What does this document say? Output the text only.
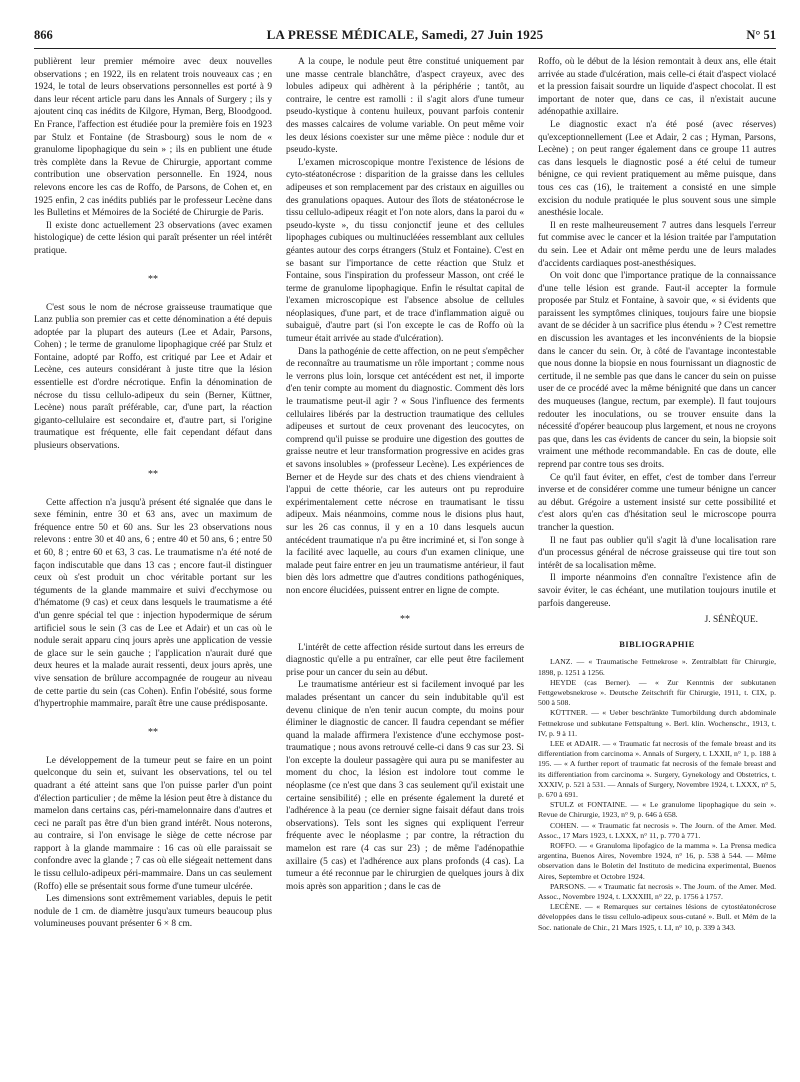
866	LA PRESSE MÉDICALE, Samedi, 27 Juin 1925	N° 51

publièrent leur premier mémoire avec deux nouvelles observations ; en 1922, ils en relatent trois nouveaux cas ; en 1924, le total de leurs observations personnelles est porté à 9 dans leur récent article paru dans les Annals of Surgery ; ils y ajoutent cinq cas inédits de Kilgore, Hyman, Berg, Bloodgood. En France, l'affection est étudiée pour la première fois en 1923 par Stulz et Fontaine (de Strasbourg) sous le nom de « granulome lipophagique du sein » ; ils en publient une étude très complète dans la Revue de Chirurgie, apportant comme contribution une observation personnelle. En 1924, nous relevons encore les cas de Roffo, de Parsons, de Cohen et, en 1925 enfin, 2 cas inédits publiés par le professeur Lecène dans les Bulletins et Mémoires de la Société de Chirurgie de Paris.

Il existe donc actuellement 23 observations (avec examen histologique) de cette lésion qui paraît présenter un réel intérêt pratique.

**

C'est sous le nom de nécrose graisseuse traumatique que Lanz publia son premier cas et cette dénomination a été depuis adoptée par la plupart des auteurs (Lee et Adair, Parsons, Cohen) ; le terme de granulome lipophagique créé par Stulz et Fontaine, adopté par Roffo, est critiqué par Lee et Adair et Lecène, ces auteurs considérant à juste titre que la lésion essentielle est d'ordre nécrotique. Enfin la dénomination de nécrose du tissu cellulo-adipeux du sein (Berner, Küttner, Lecène) nous paraît préférable, car, d'une part, la réaction giganto-cellulaire est secondaire et, d'autre part, si l'origine traumatique est fréquente, elle fait cependant défaut dans plusieurs observations.

**

Cette affection n'a jusqu'à présent été signalée que dans le sexe féminin, entre 30 et 63 ans, avec un maximum de fréquence entre 50 et 60 ans. Sur les 23 observations nous relevons : entre 30 et 40 ans, 6 ; entre 40 et 50 ans, 6 ; entre 50 et 60, 8 ; entre 60 et 63, 3 cas. Le traumatisme n'a été noté de façon indiscutable que dans 13 cas ; encore faut-il distinguer ceux où s'est produit un choc véritable portant sur les téguments de la glande mammaire et suivi d'ecchymose ou d'hématome (9 cas) et ceux dans lesquels le traumatisme a été d'un genre spécial tel que : injection hypodermique de sérum artificiel sous le sein (3 cas de Lee et Adair) et un cas où le nodule serait apparu cinq jours après une application de vessie de glace sur le sein gauche ; l'application n'aurait duré que deux heures et la malade aurait ressenti, deux jours après, une vive sensation de brûlure accompagnée de rougeur au niveau de cette partie du sein (cas Cohen). Enfin l'obésité, sous forme d'hypertrophie mammaire, paraît être une cause prédisposante.

**

Le développement de la tumeur peut se faire en un point quelconque du sein et, suivant les observations, tel ou tel quadrant a été atteint sans que l'on puisse parler d'un point d'élection particulier ; de même la lésion peut être à distance du mamelon dans certains cas, péri-mamelonnaire dans d'autres et ceci ne paraît pas être d'un bien grand intérêt. Nous noterons, au contraire, si l'on envisage le siège de cette nécrose par rapport à la glande mammaire : 16 cas où elle paraissait se confondre avec la glande ; 7 cas où elle siégeait nettement dans le tissu cellulo-adipeux péri-mammaire. Dans un cas seulement (Roffo) elle se présentait sous forme d'une tumeur ulcérée.

Les dimensions sont extrêmement variables, depuis le petit nodule de 1 cm. de diamètre jusqu'aux tumeurs beaucoup plus volumineuses pouvant présenter 6 × 8 cm.

A la coupe, le nodule peut être constitué uniquement par une masse centrale blanchâtre, d'aspect crayeux, avec des lobules adipeux qui adhèrent à la périphérie ; tantôt, au contraire, le centre est ramolli : il s'agit alors d'une tumeur pseudo-kystique à contenu huileux, pouvant parfois contenir des masses calcaires de volume variable. On peut même voir les deux lésions coexister sur une même pièce : nodule dur et pseudo-kyste.

L'examen microscopique montre l'existence de lésions de cyto-stéatonécrose : disparition de la graisse dans les cellules adipeuses et son remplacement par des cristaux en aiguilles ou des granulations opaques. Autour des îlots de stéatonécrose le tissu cellulo-adipeux réagit et l'on note alors, dans la paroi du « pseudo-kyste », du tissu conjonctif jeune et des cellules lipophages cubiques ou multinucléées ressemblant aux cellules géantes autour des corps étrangers (Stulz et Fontaine). C'est en se basant sur l'importance de cette réaction que Stulz et Fontaine, sous l'inspiration du professeur Masson, ont créé le terme de granulome lipophagique. Enfin le résultat capital de l'examen microscopique est l'absence absolue de cellules néoplasiques, d'une part, et de trace d'inflammation aiguë ou subaiguë, d'autre part (si l'on excepte le cas de Roffo où la tumeur était arrivée au stade d'ulcération).

Dans la pathogénie de cette affection, on ne peut s'empêcher de reconnaître au traumatisme un rôle important ; comme nous le verrons plus loin, lorsque cet antécédent est net, il importe d'en tenir compte au moment du diagnostic. Comment dès lors le traumatisme peut-il agir ? « Sous l'influence des ferments cellulaires libérés par la destruction traumatique des cellules adipeuses et surtout de ceux provenant des leucocytes, on comprend qu'il puisse se produire une digestion des gouttes de graisse neutre et leur transformation progressive en acides gras et savons insolubles » (professeur Lecène). Les expériences de Berner et de Heyde sur des chats et des chiens viendraient à l'appui de cette théorie, car les auteurs ont pu reproduire expérimentalement cette nécrose en traumatisant le tissu adipeux. Mais néanmoins, comme nous le disions plus haut, sur les 26 cas connus, il y en a 10 dans lesquels aucun antécédent traumatique n'a pu être incriminé et, si l'on songe à la facilité avec laquelle, au cours d'un examen clinique, une malade peut faire entrer en jeu un traumatisme antérieur, il faut bien dès lors admettre que d'autres conditions pathogéniques, non encore élucidées, puissent entrer en ligne de compte.

**

L'intérêt de cette affection réside surtout dans les erreurs de diagnostic qu'elle a pu entraîner, car elle peut être facilement prise pour un cancer du sein au début.

Le traumatisme antérieur est si facilement invoqué par les malades présentant un cancer du sein indubitable qu'il est devenu clinique de n'en tenir aucun compte, du moins pour éliminer le diagnostic de cancer. Il faudra cependant se méfier quand la malade affirmera l'existence d'une ecchymose post-traumatique ; nous avons retrouvé celle-ci dans 9 cas sur 23. Si l'on excepte la douleur passagère qui aura pu se manifester au moment du choc, la lésion est indolore tout comme le néoplasme (ce n'est que dans 3 cas seulement qu'il existait une certaine sensibilité) ; elle en présente également la dureté et l'adhérence à la peau (ce dernier signe faisait défaut dans trois observations). Tels sont les signes qui expliquent l'erreur fréquente avec le néoplasme ; par contre, la rétraction du mamelon est rare (4 cas sur 23) ; de même l'adénopathie axillaire (5 cas) et l'adhérence aux plans profonds (4 cas). La tumeur a été reconnue par le chirurgien de quelques jours à dix mois après son apparition ; dans le cas de

Roffo, où le début de la lésion remontait à deux ans, elle était arrivée au stade d'ulcération, mais celle-ci était d'aspect violacé et la pression faisait sourdre un liquide d'aspect chocolat. Il est important de noter que, dans ce cas, il n'existait aucune adénopathie axillaire.

Le diagnostic exact n'a été posé (avec réserves) qu'exceptionnellement (Lee et Adair, 2 cas ; Hyman, Parsons, Lecène) ; on peut ranger également dans ce groupe 11 autres cas dans lesquels le diagnostic posé a été celui de tumeur bénigne, ce qui revient pratiquement au même puisque, dans tous ces cas (16), le traitement a consisté en une simple excision du nodule pratiquée le plus souvent sous une simple anesthésie locale.

Il en reste malheureusement 7 autres dans lesquels l'erreur fut commise avec le cancer et la lésion traitée par l'amputation du sein. Lee et Adair ont même perdu une de leurs malades d'accidents cardiaques post-anesthésiques.

On voit donc que l'importance pratique de la connaissance d'une telle lésion est grande. Faut-il accepter la formule proposée par Stulz et Fontaine, à savoir que, « si évidents que paraissent les symptômes cliniques, toujours faire une biopsie avant de se décider à un sacrifice plus étendu » ? C'est remettre en discussion les avantages et les inconvénients de la biopsie dans le cancer du sein. Or, à côté de l'avantage incontestable que nous donne la biopsie en nous fournissant un diagnostic de certitude, il ne semble pas que dans le cancer du sein on puisse user de ce procédé avec la même bénignité que dans un cancer des muqueuses (langue, rectum, par exemple). Il faut toujours redouter les inoculations, ou se trouver ensuite dans la nécessité d'opérer beaucoup plus largement, et nous ne croyons pas que, dans les cas évidents de cancer du sein, la biopsie soit vraiment une méthode recommandable. En cas de doute, elle reprend par contre tous ses droits.

Ce qu'il faut éviter, en effet, c'est de tomber dans l'erreur inverse et de considérer comme une tumeur bénigne un cancer au début. Grégoire a ustement insisté sur cette possibilité et c'est alors qu'en cas d'hésitation seul le microscope pourra trancher la question.

Il ne faut pas oublier qu'il s'agit là d'une localisation rare d'un processus général de nécrose graisseuse qui tire tout son intérêt de sa localisation même.

Il importe néanmoins d'en connaître l'existence afin de savoir éviter, le cas échéant, une mutilation toujours inutile et parfois dangereuse.

J. SÉNÈQUE.
BIBLIOGRAPHIE

LANZ. — « Traumatische Fettnekrose ». Zentralblatt für Chirurgie, 1898, p. 1251 à 1256.

HEYDE (cas Berner). — « Zur Kenntnis der subkutanen Fettgewebsnekrose ». Deutsche Zeitschrift für Chirurgie, 1911, t. CIX, p. 500 à 508.

KÜTTNER. — « Ueber beschränkte Tumorbildung durch abdominale Fettnekrose und subkutane Fettspaltung ». Berl. klin. Wochenschr., 1913, t. IV, p. 9 à 11.

LEE et ADAIR. — « Traumatic fat necrosis of the female breast and its differentiation from carcinoma ». Annals of Surgery, t. LXXII, n° 1, p. 188 à 195. — « A further report of traumatic fat necrosis of the female breast and its differentiation from carcinoma ». Surgery, Gynekology and Obstetrics, t. XXXIV, p. 521 à 531. — Annals of Surgery, Novembre 1924, t. LXXX, n° 5, p. 670 à 691.

STULZ et FONTAINE. — « Le granulome lipophagique du sein ». Revue de Chirurgie, 1923, n° 9, p. 646 à 658.

COHEN. — « Traumatic fat necrosis ». The Journ. of the Amer. Med. Assoc., 17 Mars 1923, t. LXXX, n° 11, p. 770 à 771.

ROFFO. — « Granuloma lipofagico de la mamma ». La Prensa medica argentina, Buenos Aires, Novembre 1924, n° 16, p. 538 à 544. — Même observation dans le Boletin del Instituto de medicina experimental, Buenos Aires, Septembre et Octobre 1924.

PARSONS. — « Traumatic fat necrosis ». The Journ. of the Amer. Med. Assoc., Novembre 1924, t. LXXXIII, n° 22, p. 1756 à 1757.

LECÈNE. — « Remarques sur certaines lésions de cytostéatonécrose développées dans le tissu cellulo-adipeux sous-cutané ». Bull. et Mém de la Soc. nationale de Chir., 21 Mars 1925, t. LI, n° 10, p. 339 à 343.
